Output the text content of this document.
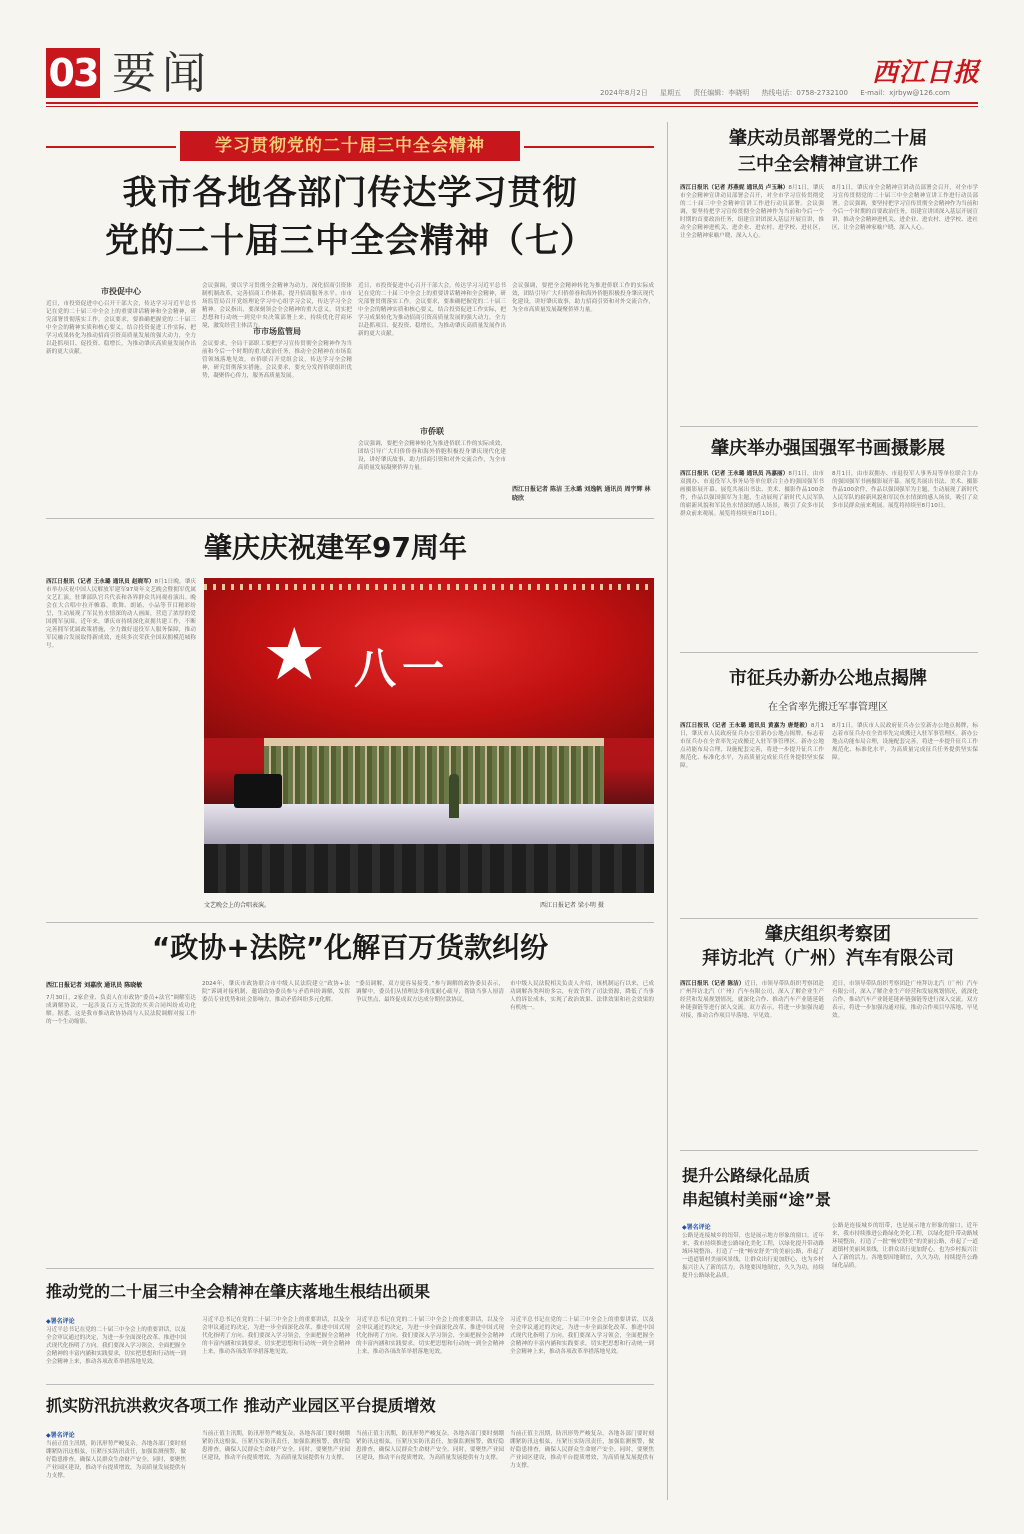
03 要闻	2024年8月2日 星期五 责任编辑：李晓明 热线电话：0758-2732100 E-mail：xjrbyw@126.com
西江日报
学习贯彻党的二十届三中全会精神
我市各地各部门传达学习贯彻
党的二十届三中全会精神（七）
市投促中心
近日，市投资促进中心召开干部大会，传达学习习近平总书记在党的二十届三中全会上的重要讲话精神和全会精神，研究部署贯彻落实工作。会议要求，要准确把握党的二十届三中全会的精神实质和核心要义，结合投资促进工作实际，把学习成果转化为推动招商引资高质量发展的强大动力，全力以赴抓项目、促投资、稳增长，为推动肇庆高质量发展作出新的更大贡献。
会议强调，要以学习贯彻全会精神为动力，深化招商引资体制机制改革，完善招商工作体系，提升招商服务水平。市市场监管局召开党组理论学习中心组学习会议，传达学习全会精神。会议指出，要深刻领会全会精神的重大意义，切实把思想和行动统一到党中央决策部署上来，持续优化营商环境，激发经营主体活力。
市市场监管局
会议要求，全局干部职工要把学习宣传贯彻全会精神作为当前和今后一个时期的重大政治任务，推动全会精神在市场监管领域落地见效。市侨联召开党组会议，传达学习全会精神，研究贯彻落实措施。会议要求，要充分发挥侨联组织优势，凝聚侨心侨力，服务高质量发展。
近日，市投资促进中心召开干部大会，传达学习习近平总书记在党的二十届三中全会上的重要讲话精神和全会精神，研究部署贯彻落实工作。会议要求，要准确把握党的二十届三中全会的精神实质和核心要义，结合投资促进工作实际，把学习成果转化为推动招商引资高质量发展的强大动力，全力以赴抓项目、促投资、稳增长，为推动肇庆高质量发展作出新的更大贡献。
市侨联
会议强调，要把全会精神转化为推进侨联工作的实际成效，团结引导广大归侨侨眷和海外侨胞积极投身肇庆现代化建设，讲好肇庆故事，助力招商引资和对外交流合作，为全市高质量发展凝聚侨界力量。
会议强调，要把全会精神转化为推进侨联工作的实际成效，团结引导广大归侨侨眷和海外侨胞积极投身肇庆现代化建设，讲好肇庆故事，助力招商引资和对外交流合作，为全市高质量发展凝聚侨界力量。
西江日报记者 陈洁 王永璐 刘逸帆 通讯员 周宇辉 林晓欣
肇庆庆祝建军97周年
西江日报讯（记者 王永璐 通讯员 赵晓军）8月1日晚，肇庆市举办庆祝中国人民解放军建军97周年文艺晚会暨拥军优属文艺汇演，驻肇部队官兵代表和各界群众共同观看演出。晚会在大合唱中拉开帷幕，歌舞、朗诵、小品等节目精彩纷呈，生动展现了军民鱼水情深的动人画面，营造了浓厚的爱国拥军氛围。近年来，肇庆市持续深化双拥共建工作，不断完善拥军优属政策措施，全力做好退役军人服务保障，推动军民融合发展取得新成效，连续多次荣获全国双拥模范城称号。	★ 八一
文艺晚会上的合唱表演。	西江日报记者 梁小明 摄
“政协+法院”化解百万货款纠纷
西江日报记者 刘嘉欣 通讯员 陈晓敏
7月30日，2家企业、负责人在市政协“委员+法官”调解室达成调解协议，一起涉及百万元货款的买卖合同纠纷成功化解。据悉，这是我市推动政协协商与人民法院调解对接工作的一个生动缩影。
2024年，肇庆市政协联合市中级人民法院建立“政协+法院”诉调对接机制，邀请政协委员参与矛盾纠纷调解，发挥委员专业优势和社会影响力，推动矛盾纠纷多元化解。
“委员调解，双方更容易接受。”参与调解的政协委员表示，调解中，委员们从情理法多角度耐心疏导，帮助当事人厘清争议焦点，最终促成双方达成分期付款协议。
市中级人民法院相关负责人介绍，该机制运行以来，已成功调解各类纠纷多宗，有效节约了司法资源，降低了当事人的诉讼成本，实现了政治效果、法律效果和社会效果的有机统一。
推动党的二十届三中全会精神在肇庆落地生根结出硕果
◆署名评论
习近平总书记在党的二十届三中全会上的重要讲话，以及全会审议通过的决定，为进一步全面深化改革、推进中国式现代化指明了方向。我们要深入学习领会，全面把握全会精神的丰富内涵和实践要求，切实把思想和行动统一到全会精神上来，推动各项改革举措落地见效。
习近平总书记在党的二十届三中全会上的重要讲话，以及全会审议通过的决定，为进一步全面深化改革、推进中国式现代化指明了方向。我们要深入学习领会，全面把握全会精神的丰富内涵和实践要求，切实把思想和行动统一到全会精神上来，推动各项改革举措落地见效。
习近平总书记在党的二十届三中全会上的重要讲话，以及全会审议通过的决定，为进一步全面深化改革、推进中国式现代化指明了方向。我们要深入学习领会，全面把握全会精神的丰富内涵和实践要求，切实把思想和行动统一到全会精神上来，推动各项改革举措落地见效。
习近平总书记在党的二十届三中全会上的重要讲话，以及全会审议通过的决定，为进一步全面深化改革、推进中国式现代化指明了方向。我们要深入学习领会，全面把握全会精神的丰富内涵和实践要求，切实把思想和行动统一到全会精神上来，推动各项改革举措落地见效。
抓实防汛抗洪救灾各项工作 推动产业园区平台提质增效
◆署名评论
当前正值主汛期，防汛形势严峻复杂。各地各部门要时刻绷紧防汛这根弦，压紧压实防汛责任，加强监测预警，做好隐患排查，确保人民群众生命财产安全。同时，要聚焦产业园区建设，推动平台提质增效，为高质量发展提供有力支撑。
当前正值主汛期，防汛形势严峻复杂。各地各部门要时刻绷紧防汛这根弦，压紧压实防汛责任，加强监测预警，做好隐患排查，确保人民群众生命财产安全。同时，要聚焦产业园区建设，推动平台提质增效，为高质量发展提供有力支撑。
当前正值主汛期，防汛形势严峻复杂。各地各部门要时刻绷紧防汛这根弦，压紧压实防汛责任，加强监测预警，做好隐患排查，确保人民群众生命财产安全。同时，要聚焦产业园区建设，推动平台提质增效，为高质量发展提供有力支撑。
当前正值主汛期，防汛形势严峻复杂。各地各部门要时刻绷紧防汛这根弦，压紧压实防汛责任，加强监测预警，做好隐患排查，确保人民群众生命财产安全。同时，要聚焦产业园区建设，推动平台提质增效，为高质量发展提供有力支撑。
肇庆动员部署党的二十届
三中全会精神宣讲工作
西江日报讯（记者 苏燕妮 通讯员 卢玉琳）8月1日，肇庆市全会精神宣讲动员部署会召开，对全市学习宣传贯彻党的二十届三中全会精神宣讲工作进行动员部署。会议强调，要坚持把学习宣传贯彻全会精神作为当前和今后一个时期的首要政治任务，组建宣讲团深入基层开展宣讲，推动全会精神进机关、进企业、进农村、进学校、进社区，让全会精神家喻户晓、深入人心。
8月1日，肇庆市全会精神宣讲动员部署会召开，对全市学习宣传贯彻党的二十届三中全会精神宣讲工作进行动员部署。会议强调，要坚持把学习宣传贯彻全会精神作为当前和今后一个时期的首要政治任务，组建宣讲团深入基层开展宣讲，推动全会精神进机关、进企业、进农村、进学校、进社区，让全会精神家喻户晓、深入人心。
肇庆举办强国强军书画摄影展
西江日报讯（记者 王永璐 通讯员 冯嘉丽）8月1日，由市双拥办、市退役军人事务局等单位联合主办的强国强军书画摄影展开幕。展览共展出书法、美术、摄影作品100余件，作品以强国强军为主题，生动展现了新时代人民军队的崭新风貌和军民鱼水情深的感人场景，吸引了众多市民群众前来观展。展览将持续至8月10日。
8月1日，由市双拥办、市退役军人事务局等单位联合主办的强国强军书画摄影展开幕。展览共展出书法、美术、摄影作品100余件，作品以强国强军为主题，生动展现了新时代人民军队的崭新风貌和军民鱼水情深的感人场景，吸引了众多市民群众前来观展。展览将持续至8月10日。
市征兵办新办公地点揭牌
在全省率先搬迁军事管理区
西江日报讯（记者 王永璐 通讯员 黄嘉为 唐楚毅）8月1日，肇庆市人民政府征兵办公室新办公地点揭牌，标志着市征兵办在全省率先完成搬迁入驻军事管理区。新办公地点功能布局合理，设施配套完善，将进一步提升征兵工作规范化、标准化水平，为高质量完成征兵任务提供坚实保障。
8月1日，肇庆市人民政府征兵办公室新办公地点揭牌，标志着市征兵办在全省率先完成搬迁入驻军事管理区。新办公地点功能布局合理，设施配套完善，将进一步提升征兵工作规范化、标准化水平，为高质量完成征兵任务提供坚实保障。
肇庆组织考察团
拜访北汽（广州）汽车有限公司
西江日报讯（记者 陈洁）近日，市领导带队组织考察团赴广州拜访北汽（广州）汽车有限公司，深入了解企业生产经营和发展规划情况，就深化合作、推动汽车产业链延链补链强链等进行深入交流。双方表示，将进一步加强沟通对接，推动合作项目早落地、早见效。
近日，市领导带队组织考察团赴广州拜访北汽（广州）汽车有限公司，深入了解企业生产经营和发展规划情况，就深化合作、推动汽车产业链延链补链强链等进行深入交流。双方表示，将进一步加强沟通对接，推动合作项目早落地、早见效。
提升公路绿化品质
串起镇村美丽“途”景
◆署名评论
公路是连接城乡的纽带，也是展示地方形象的窗口。近年来，我市持续推进公路绿化美化工程，以绿化提升带动路域环境整治，打造了一批“畅安舒美”的美丽公路，串起了一道道镇村美丽风景线，让群众出行更加舒心，也为乡村振兴注入了新的活力。各地要因地制宜，久久为功，持续提升公路绿化品质。
公路是连接城乡的纽带，也是展示地方形象的窗口。近年来，我市持续推进公路绿化美化工程，以绿化提升带动路域环境整治，打造了一批“畅安舒美”的美丽公路，串起了一道道镇村美丽风景线，让群众出行更加舒心，也为乡村振兴注入了新的活力。各地要因地制宜，久久为功，持续提升公路绿化品质。
